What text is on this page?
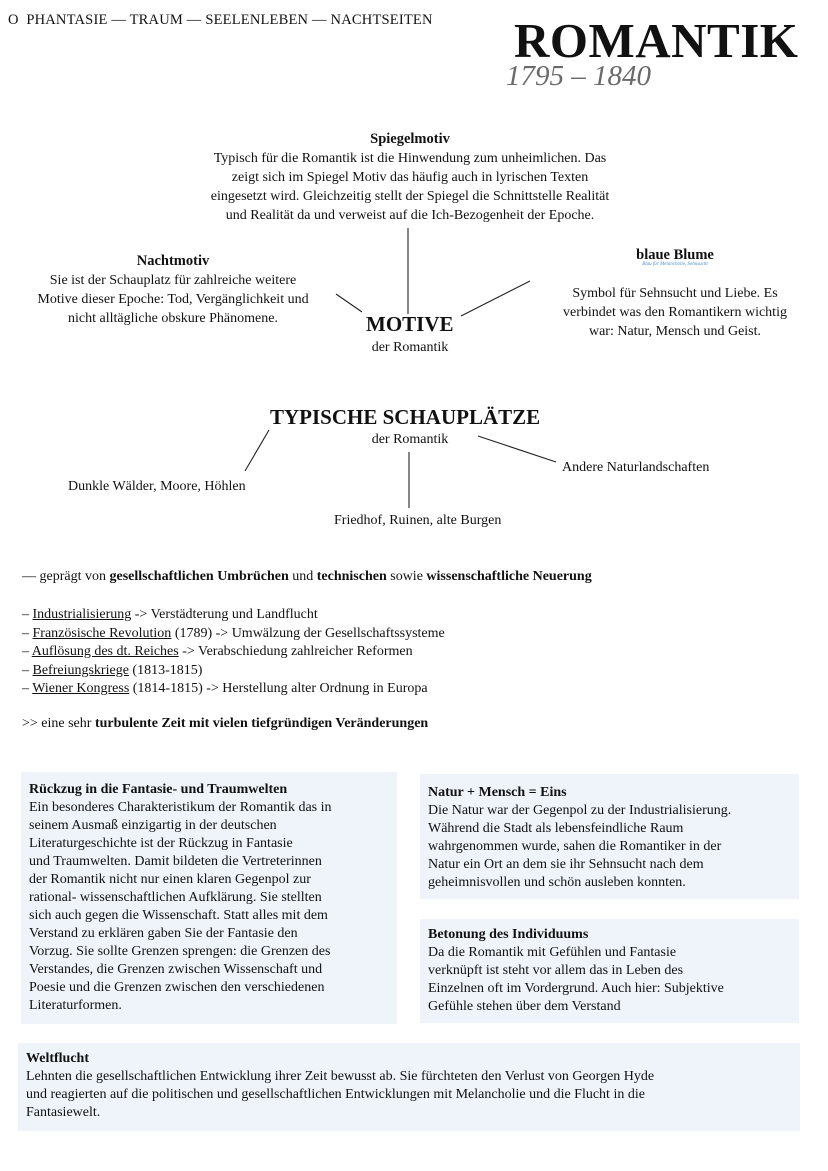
O PHANTASIE — TRAUM — SEELENLEBEN — NACHTSEITEN ROMANTIK
1795 – 1840
Spiegelmotiv
Typisch für die Romantik ist die Hinwendung zum unheimlichen. Das
zeigt sich im Spiegel Motiv das häufig auch in lyrischen Texten
eingesetzt wird. Gleichzeitig stellt der Spiegel die Schnittstelle Realität
und Realität da und verweist auf die Ich-Bezogenheit der Epoche.
Nachtmotiv
Sie ist der Schauplatz für zahlreiche weitere
Motive dieser Epoche: Tod, Vergänglichkeit und
nicht alltägliche obskure Phänomene.
blaue Blume

Symbol für Sehnsucht und Liebe. Es
verbindet was den Romantikern wichtig
war: Natur, Mensch und Geist.
Blau für Melancholie, Sehnsucht
MOTIVE
der Romantik
TYPISCHE SCHAUPLÄTZE
der Romantik
Dunkle Wälder, Moore, Höhlen
Friedhof, Ruinen, alte Burgen
Andere Naturlandschaften
— geprägt von gesellschaftlichen Umbrüchen und technischen sowie wissenschaftliche Neuerung
– Industrialisierung -> Verstädterung und Landflucht
– Französische Revolution (1789) -> Umwälzung der Gesellschaftssysteme
– Auflösung des dt. Reiches -> Verabschiedung zahlreicher Reformen
– Befreiungskriege (1813-1815)
– Wiener Kongress (1814-1815) -> Herstellung alter Ordnung in Europa
>> eine sehr turbulente Zeit mit vielen tiefgründigen Veränderungen
Rückzug in die Fantasie- und Traumwelten
Ein besonderes Charakteristikum der Romantik das in
seinem Ausmaß einzigartig in der deutschen
Literaturgeschichte ist der Rückzug in Fantasie
und Traumwelten. Damit bildeten die Vertreterinnen
der Romantik nicht nur einen klaren Gegenpol zur
rational- wissenschaftlichen Aufklärung. Sie stellten
sich auch gegen die Wissenschaft. Statt alles mit dem
Verstand zu erklären gaben Sie der Fantasie den
Vorzug. Sie sollte Grenzen sprengen: die Grenzen des
Verstandes, die Grenzen zwischen Wissenschaft und
Poesie und die Grenzen zwischen den verschiedenen
Literaturformen.
Natur + Mensch = Eins
Die Natur war der Gegenpol zu der Industrialisierung.
Während die Stadt als lebensfeindliche Raum
wahrgenommen wurde, sahen die Romantiker in der
Natur ein Ort an dem sie ihr Sehnsucht nach dem
geheimnisvollen und schön ausleben konnten.
Betonung des Individuums
Da die Romantik mit Gefühlen und Fantasie
verknüpft ist steht vor allem das in Leben des
Einzelnen oft im Vordergrund. Auch hier: Subjektive
Gefühle stehen über dem Verstand
Weltflucht
Lehnten die gesellschaftlichen Entwicklung ihrer Zeit bewusst ab. Sie fürchteten den Verlust von Georgen Hyde
und reagierten auf die politischen und gesellschaftlichen Entwicklungen mit Melancholie und die Flucht in die
Fantasiewelt.
